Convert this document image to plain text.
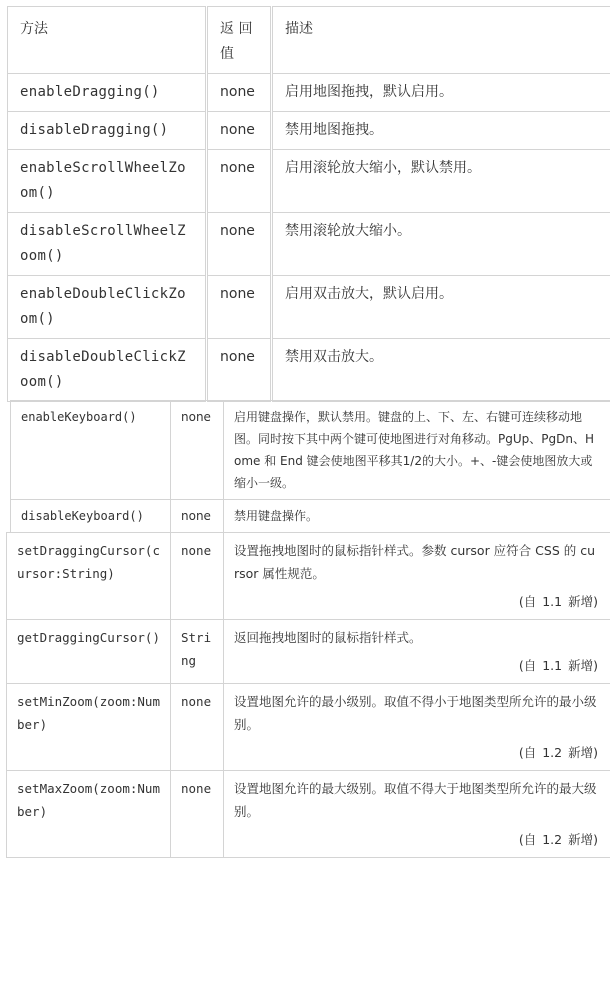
方法	返 回值	描述
enableDragging()	none	启用地图拖拽，默认启用。
disableDragging()	none	禁用地图拖拽。
enableScrollWheelZoom()	none	启用滚轮放大缩小，默认禁用。
disableScrollWheelZoom()	none	禁用滚轮放大缩小。
enableDoubleClickZoom()	none	启用双击放大，默认启用。
disableDoubleClickZoom()	none	禁用双击放大。
enableKeyboard()	none	启用键盘操作，默认禁用。键盘的上、下、左、右键可连续移动地图。同时按下其中两个键可使地图进行对角移动。PgUp、PgDn、Home 和 End 键会使地图平移其1/2的大小。+、-键会使地图放大或缩小一级。
disableKeyboard()	none	禁用键盘操作。
setDraggingCursor(cursor:String)	none	设置拖拽地图时的鼠标指针样式。参数 cursor 应符合 CSS 的 cursor 属性规范。
(自 1.1 新增)

getDraggingCursor()	String	返回拖拽地图时的鼠标指针样式。
(自 1.1 新增)

setMinZoom(zoom:Number)	none	设置地图允许的最小级别。取值不得小于地图类型所允许的最小级别。
(自 1.2 新增)

setMaxZoom(zoom:Number)	none	设置地图允许的最大级别。取值不得大于地图类型所允许的最大级别。
(自 1.2 新增)
